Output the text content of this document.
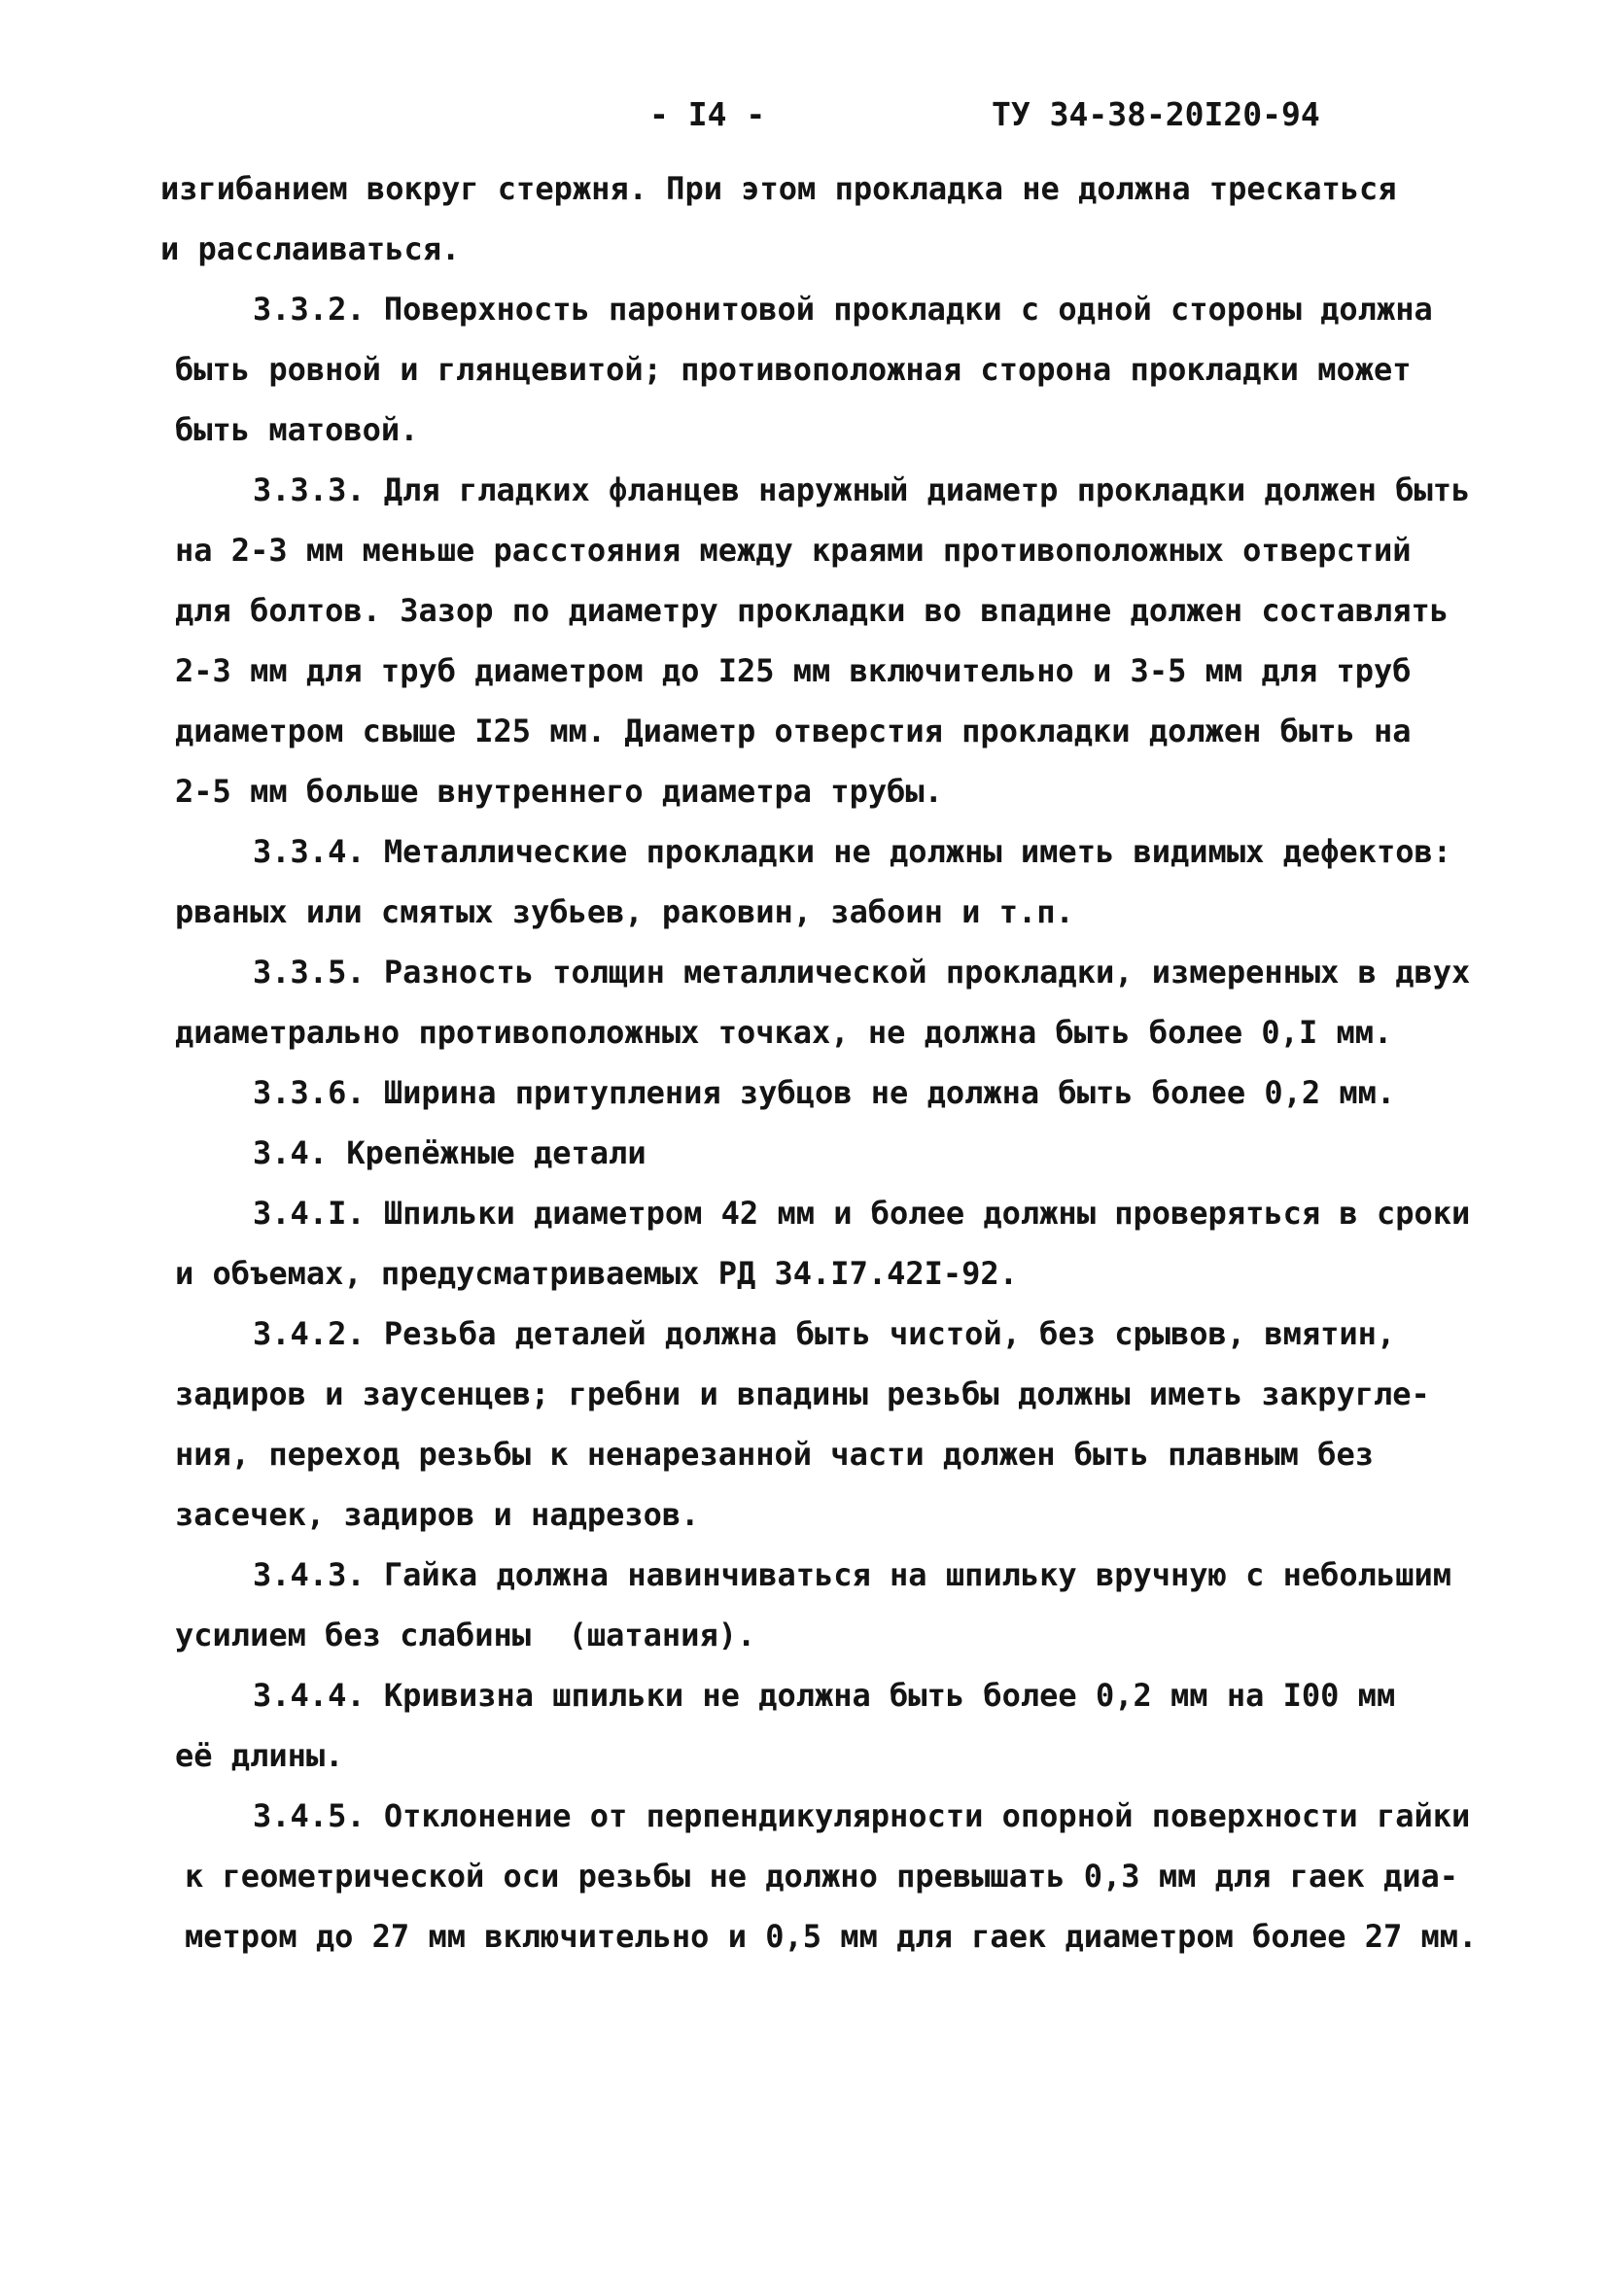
- I4 -	ТУ 34-38-20I20-94
изгибанием вокруг стержня. При этом прокладка не должна трескаться
и расслаиваться.
3.3.2. Поверхность паронитовой прокладки с одной стороны должна
быть ровной и глянцевитой; противоположная сторона прокладки может
быть матовой.
3.3.3. Для гладких фланцев наружный диаметр прокладки должен быть
на 2-3 мм меньше расстояния между краями противоположных отверстий
для болтов. Зазор по диаметру прокладки во впадине должен составлять
2-3 мм для труб диаметром до I25 мм включительно и 3-5 мм для труб
диаметром свыше I25 мм. Диаметр отверстия прокладки должен быть на
2-5 мм больше внутреннего диаметра трубы.
3.3.4. Металлические прокладки не должны иметь видимых дефектов:
рваных или смятых зубьев, раковин, забоин и т.п.
3.3.5. Разность толщин металлической прокладки, измеренных в двух
диаметрально противоположных точках, не должна быть более 0,I мм.
3.3.6. Ширина притупления зубцов не должна быть более 0,2 мм.
3.4. Крепёжные детали
3.4.I. Шпильки диаметром 42 мм и более должны проверяться в сроки
и объемах, предусматриваемых РД 34.I7.42I-92.
3.4.2. Резьба деталей должна быть чистой, без срывов, вмятин,
задиров и заусенцев; гребни и впадины резьбы должны иметь закругле-
ния, переход резьбы к ненарезанной части должен быть плавным без
засечек, задиров и надрезов.
3.4.3. Гайка должна навинчиваться на шпильку вручную с небольшим
усилием без слабины  (шатания).
3.4.4. Кривизна шпильки не должна быть более 0,2 мм на I00 мм
её длины.
3.4.5. Отклонение от перпендикулярности опорной поверхности гайки
к геометрической оси резьбы не должно превышать 0,3 мм для гаек диа-
метром до 27 мм включительно и 0,5 мм для гаек диаметром более 27 мм.
